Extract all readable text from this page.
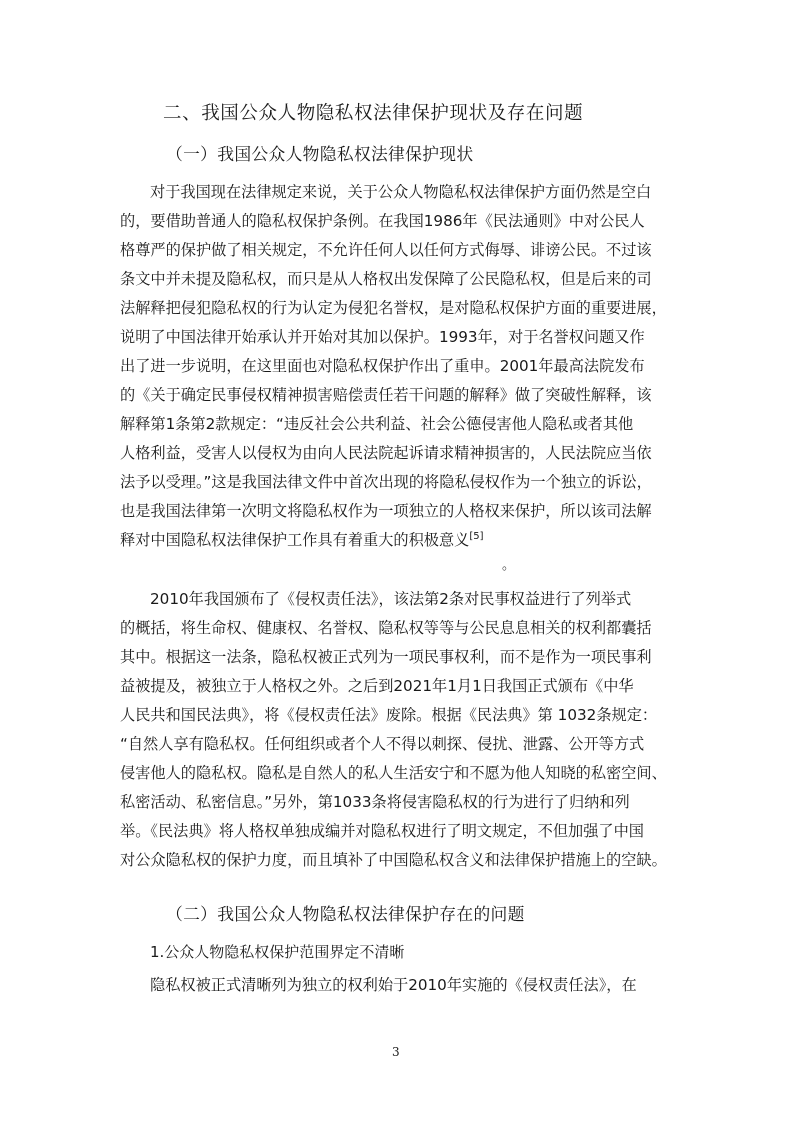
二、我国公众人物隐私权法律保护现状及存在问题
（一）我国公众人物隐私权法律保护现状
对于我国现在法律规定来说，关于公众人物隐私权法律保护方面仍然是空白
的，要借助普通人的隐私权保护条例。在我国1986年《民法通则》中对公民人
格尊严的保护做了相关规定，不允许任何人以任何方式侮辱、诽谤公民。不过该
条文中并未提及隐私权，而只是从人格权出发保障了公民隐私权，但是后来的司
法解释把侵犯隐私权的行为认定为侵犯名誉权，是对隐私权保护方面的重要进展，
说明了中国法律开始承认并开始对其加以保护。1993年，对于名誉权问题又作
出了进一步说明，在这里面也对隐私权保护作出了重申。2001年最高法院发布
的《关于确定民事侵权精神损害赔偿责任若干问题的解释》做了突破性解释，该
解释第1条第2款规定：“违反社会公共利益、社会公德侵害他人隐私或者其他
人格利益，受害人以侵权为由向人民法院起诉请求精神损害的，人民法院应当依
法予以受理。”这是我国法律文件中首次出现的将隐私侵权作为一个独立的诉讼，
也是我国法律第一次明文将隐私权作为一项独立的人格权来保护，所以该司法解
释对中国隐私权法律保护工作具有着重大的积极意义[5]
。
2010年我国颁布了《侵权责任法》，该法第2条对民事权益进行了列举式
的概括，将生命权、健康权、名誉权、隐私权等等与公民息息相关的权利都囊括
其中。根据这一法条，隐私权被正式列为一项民事权利，而不是作为一项民事利
益被提及，被独立于人格权之外。之后到2021年1月1日我国正式颁布《中华
人民共和国民法典》，将《侵权责任法》废除。根据《民法典》第 1032条规定：
“自然人享有隐私权。任何组织或者个人不得以刺探、侵扰、泄露、公开等方式
侵害他人的隐私权。隐私是自然人的私人生活安宁和不愿为他人知晓的私密空间、
私密活动、私密信息。”另外，第1033条将侵害隐私权的行为进行了归纳和列
举。《民法典》将人格权单独成编并对隐私权进行了明文规定，不但加强了中国
对公众隐私权的保护力度，而且填补了中国隐私权含义和法律保护措施上的空缺。
（二）我国公众人物隐私权法律保护存在的问题
1.公众人物隐私权保护范围界定不清晰
隐私权被正式清晰列为独立的权利始于2010年实施的《侵权责任法》，在
3
